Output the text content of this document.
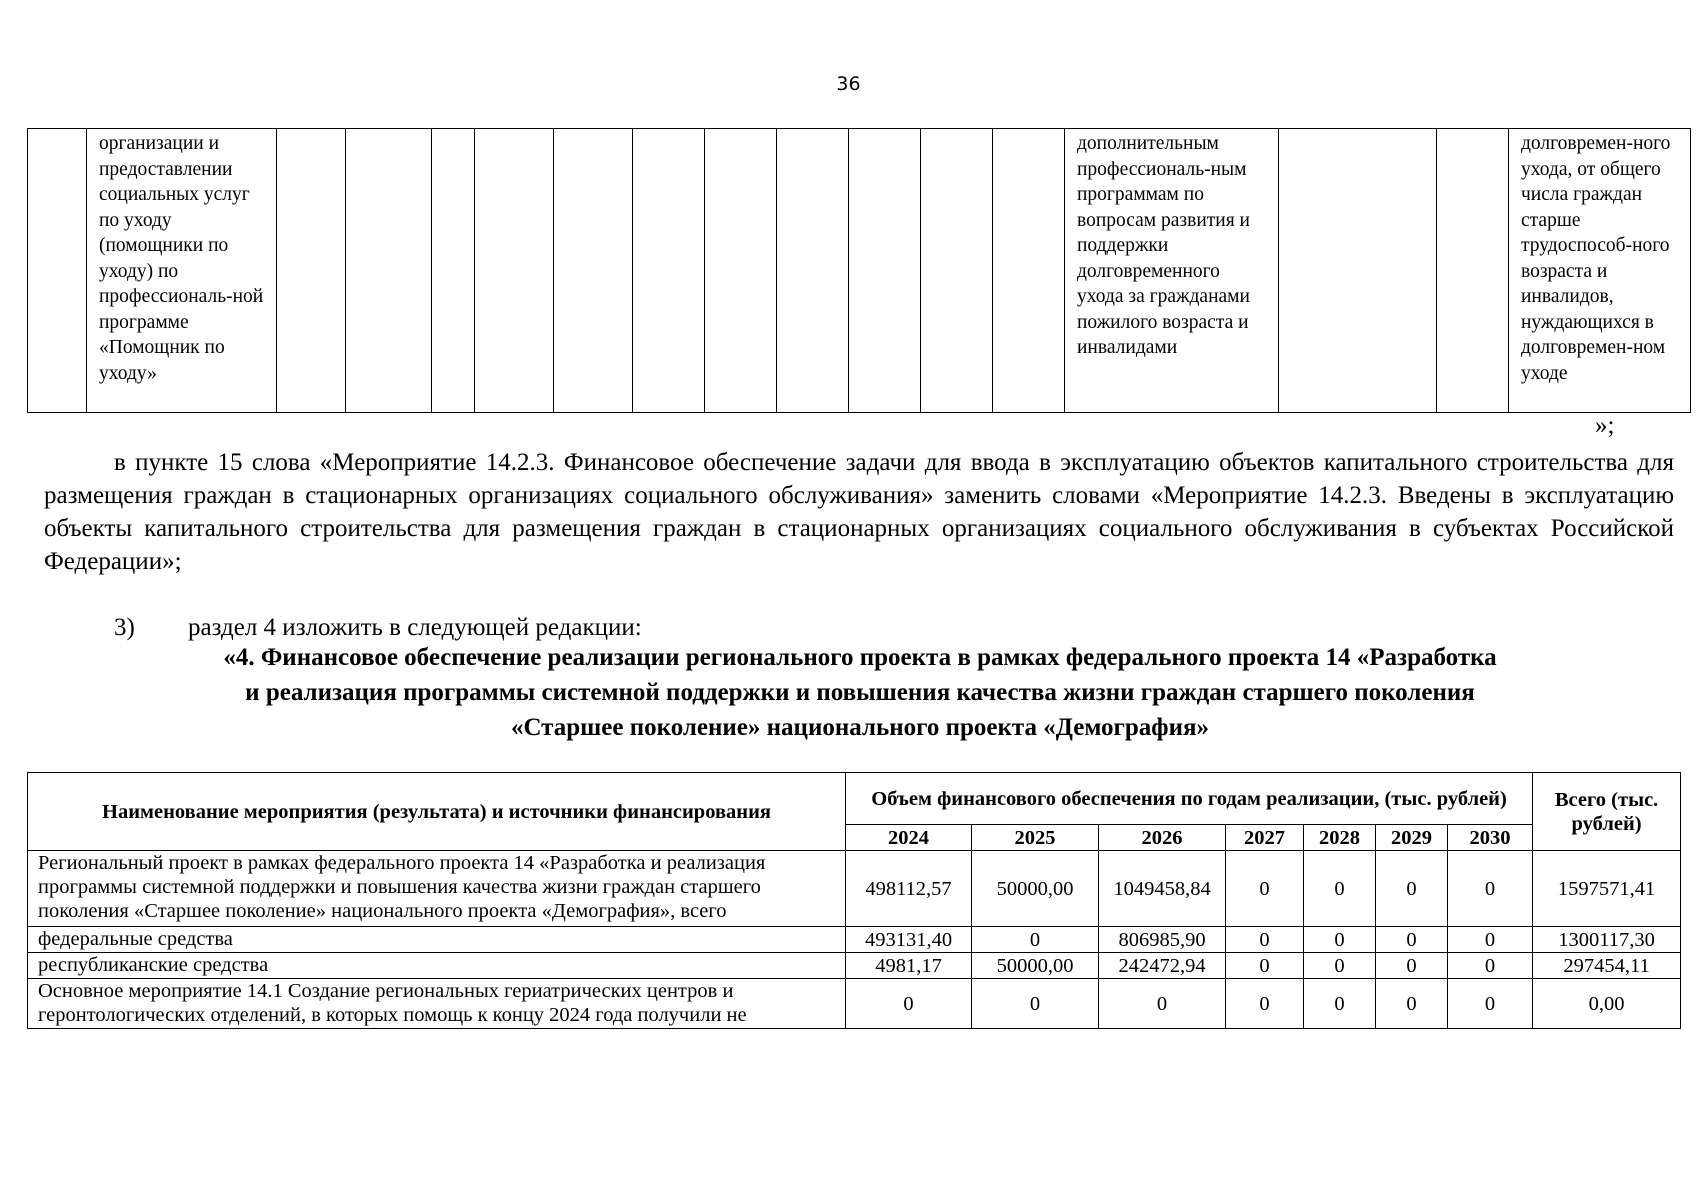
36
	организации и предоставлении социальных услуг по уходу (помощники по уходу) по профессиональ-ной программе «Помощник по уходу»												дополнительным профессиональ-ным программам по вопросам развития и поддержки долговременного ухода за гражданами пожилого возраста и инвалидами			долговремен-ного ухода, от общего числа граждан старше трудоспособ-ного возраста и инвалидов, нуждающихся в долговремен-ном уходе
»;
в пункте 15 слова «Мероприятие 14.2.3. Финансовое обеспечение задачи для ввода в эксплуатацию объектов капитального строительства для размещения граждан в стационарных организациях социального обслуживания» заменить словами «Мероприятие 14.2.3. Введены в эксплуатацию объекты капитального строительства для размещения граждан в стационарных организациях социального обслуживания в субъектах Российской Федерации»;
3) раздел 4 изложить в следующей редакции:
«4. Финансовое обеспечение реализации регионального проекта в рамках федерального проекта 14 «Разработка
и реализация программы системной поддержки и повышения качества жизни граждан старшего поколения
«Старшее поколение» национального проекта «Демография»
Наименование мероприятия (результата) и источники финансирования	Объем финансового обеспечения по годам реализации, (тыс. рублей)							Всего (тыс. рублей)
	2024	2025	2026	2027	2028	2029	2030	
Региональный проект в рамках федерального проекта 14 «Разработка и реализация программы системной поддержки и повышения качества жизни граждан старшего поколения «Старшее поколение» национального проекта «Демография», всего	498112,57	50000,00	1049458,84	0	0	0	0	1597571,41
федеральные средства	493131,40	0	806985,90	0	0	0	0	1300117,30
республиканские средства	4981,17	50000,00	242472,94	0	0	0	0	297454,11

Основное мероприятие 14.1 Создание региональных гериатрических центров и геронтологических отделений, в которых помощь к концу 2024 года получили не	0	0	0	0	0	0	0	0,00
